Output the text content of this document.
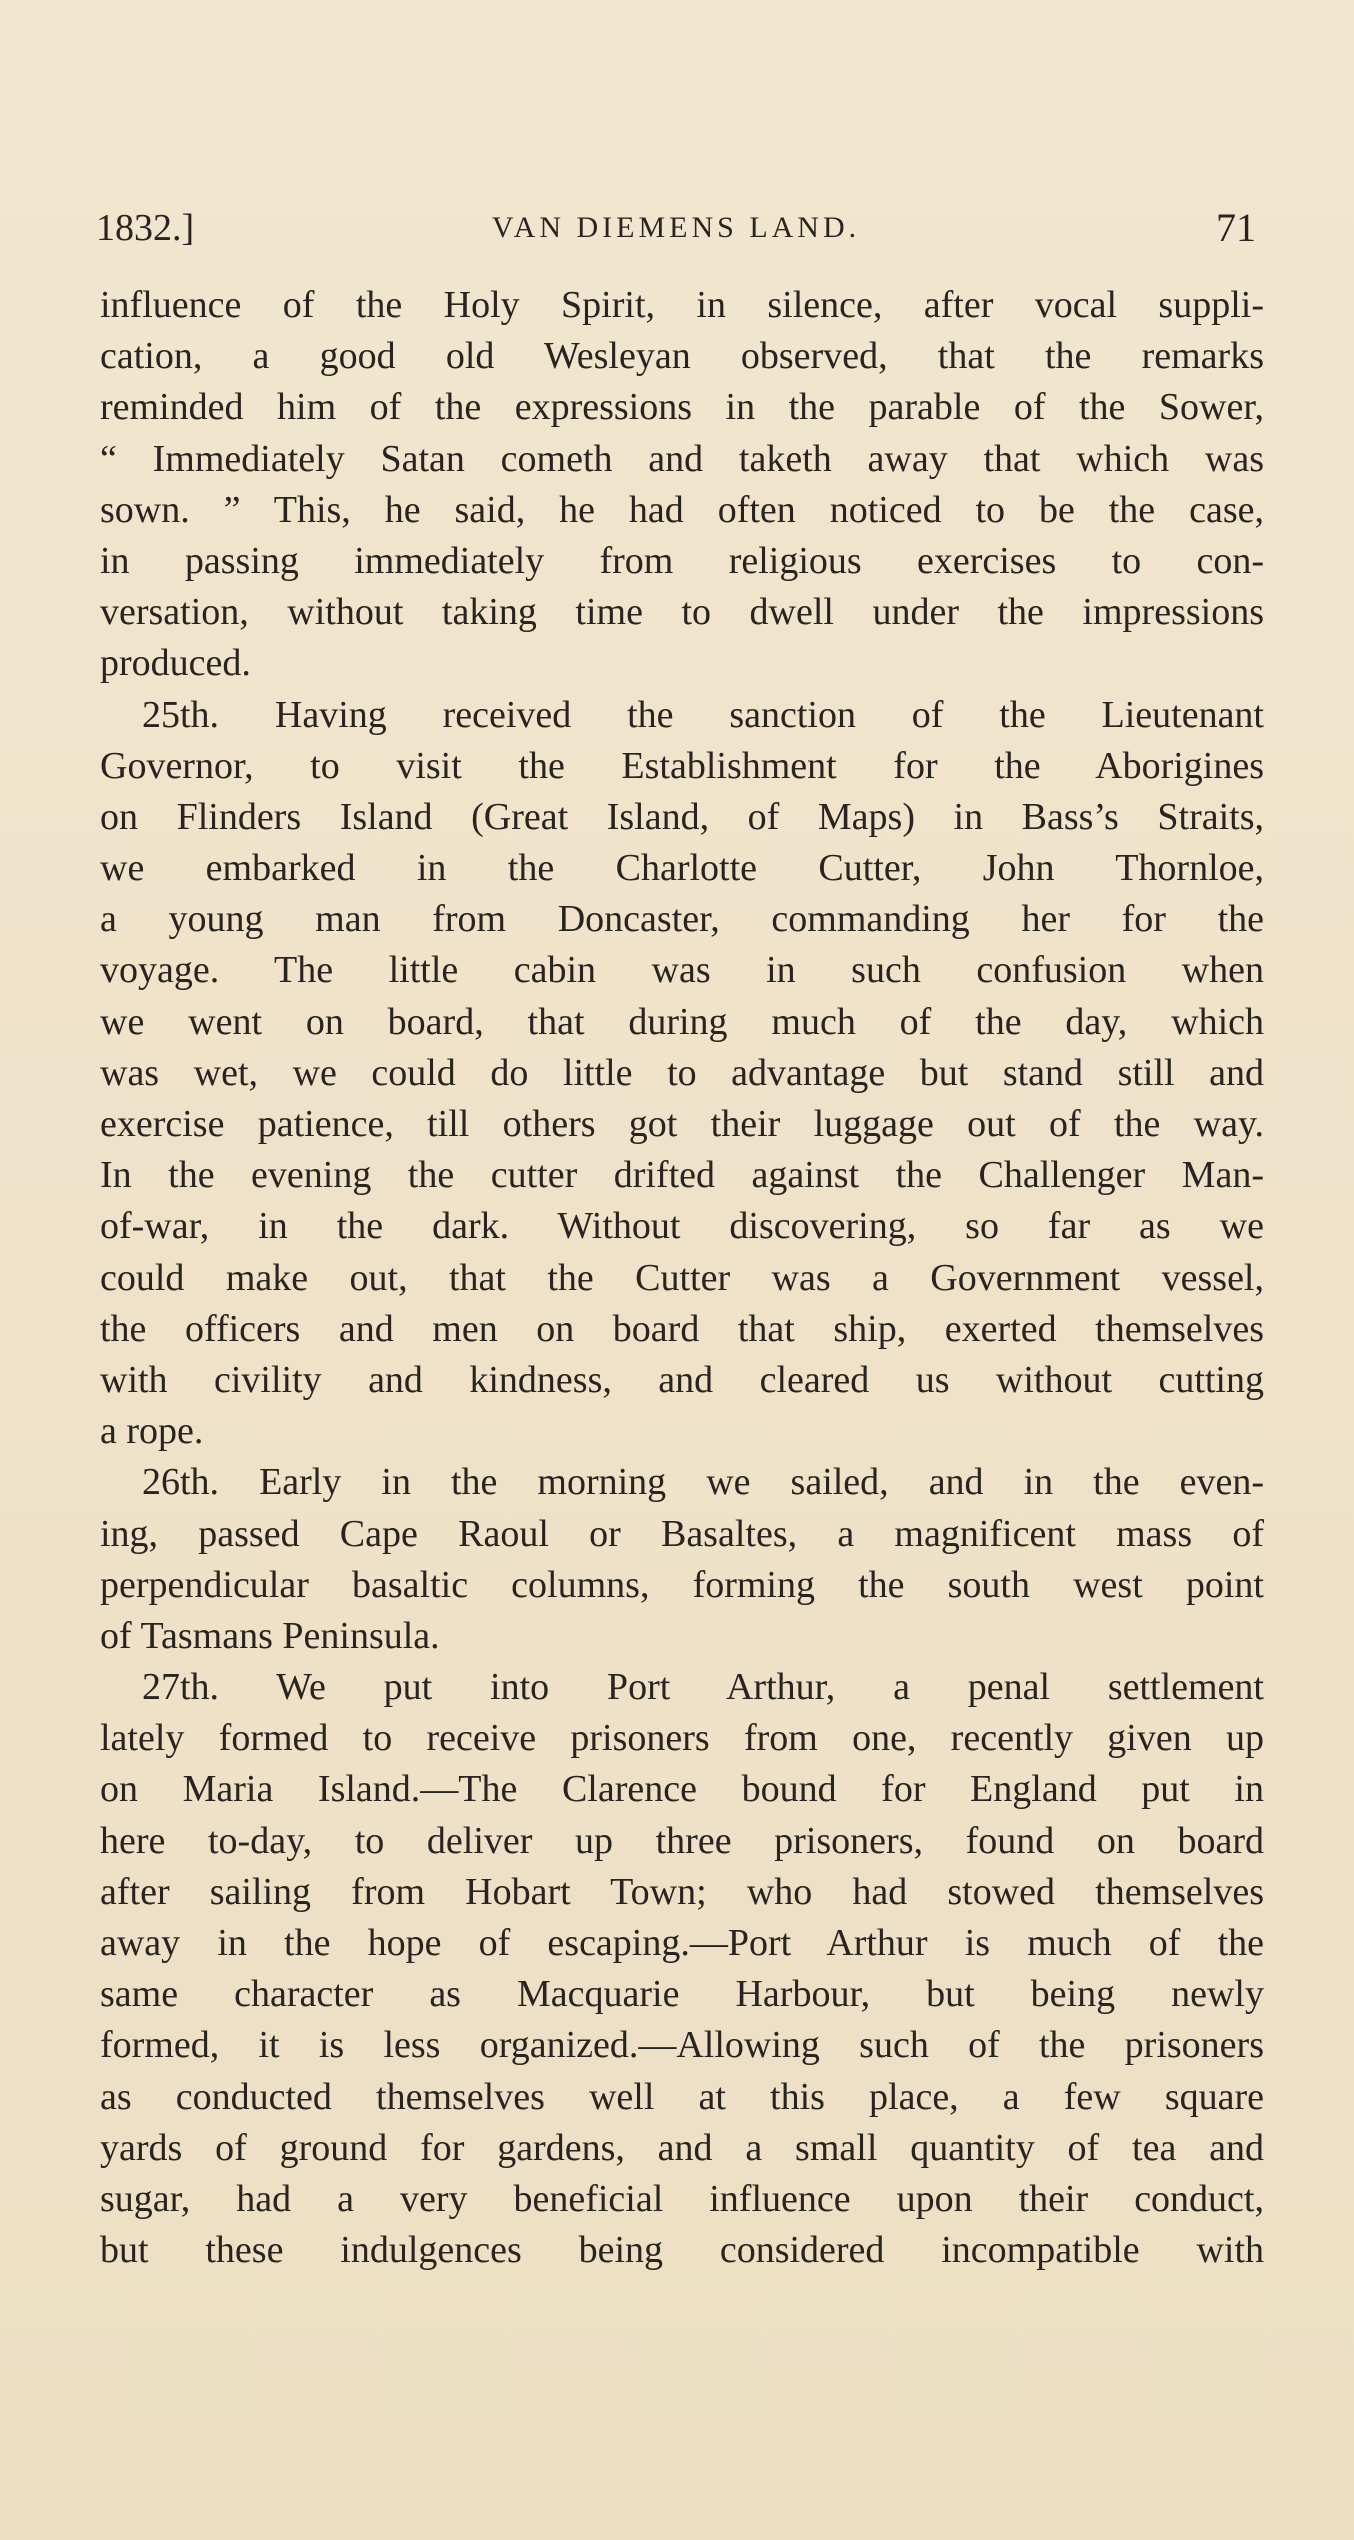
1832.]	VAN DIEMENS LAND.	71
influence of the Holy Spirit, in silence, after vocal suppli-
cation, a good old Wesleyan observed, that the remarks
reminded him of the expressions in the parable of the Sower,
“ Immediately Satan cometh and taketh away that which was
sown. ” This, he said, he had often noticed to be the case,
in passing immediately from religious exercises to con-
versation, without taking time to dwell under the impressions
produced.
25th. Having received the sanction of the Lieutenant
Governor, to visit the Establishment for the Aborigines
on Flinders Island (Great Island, of Maps) in Bass’s Straits,
we embarked in the Charlotte Cutter, John Thornloe,
a young man from Doncaster, commanding her for the
voyage. The little cabin was in such confusion when
we went on board, that during much of the day, which
was wet, we could do little to advantage but stand still and
exercise patience, till others got their luggage out of the way.
In the evening the cutter drifted against the Challenger Man-
of-war, in the dark. Without discovering, so far as we
could make out, that the Cutter was a Government vessel,
the officers and men on board that ship, exerted themselves
with civility and kindness, and cleared us without cutting
a rope.
26th. Early in the morning we sailed, and in the even-
ing, passed Cape Raoul or Basaltes, a magnificent mass of
perpendicular basaltic columns, forming the south west point
of Tasmans Peninsula.
27th. We put into Port Arthur, a penal settlement
lately formed to receive prisoners from one, recently given up
on Maria Island.—The Clarence bound for England put in
here to-day, to deliver up three prisoners, found on board
after sailing from Hobart Town; who had stowed themselves
away in the hope of escaping.—Port Arthur is much of the
same character as Macquarie Harbour, but being newly
formed, it is less organized.—Allowing such of the prisoners
as conducted themselves well at this place, a few square
yards of ground for gardens, and a small quantity of tea and
sugar, had a very beneficial influence upon their conduct,
but these indulgences being considered incompatible with
